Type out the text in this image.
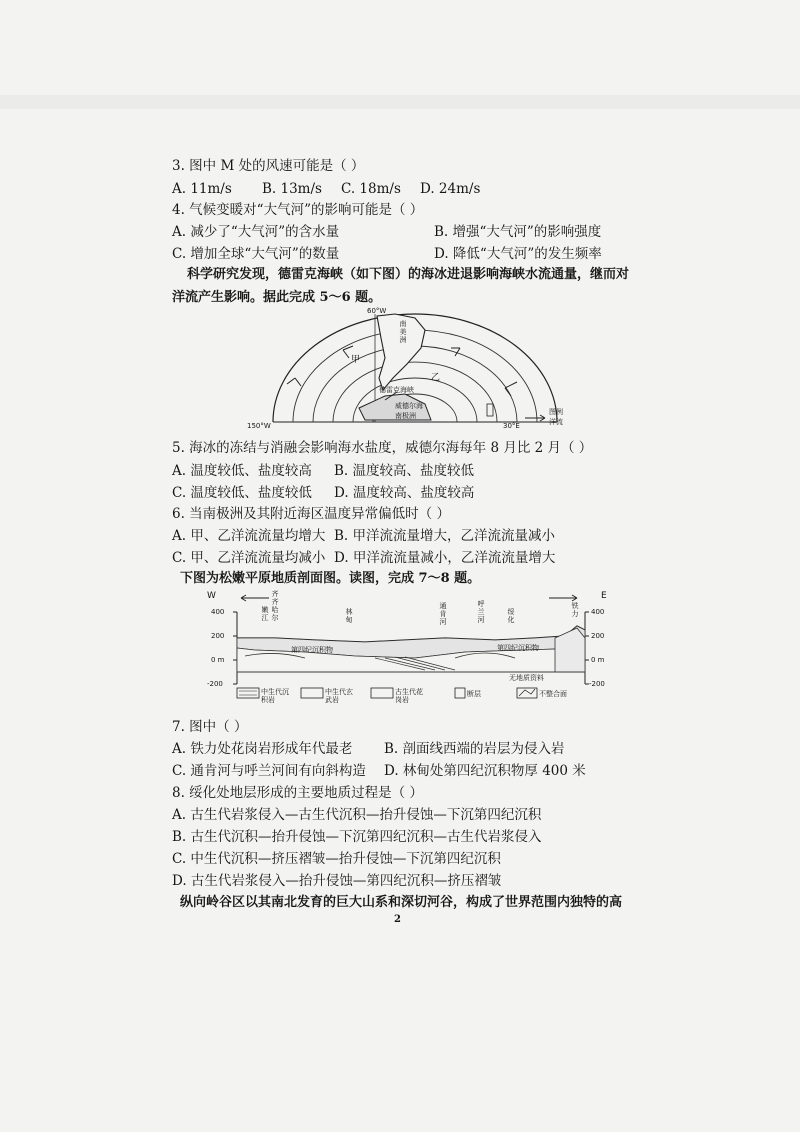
3. 图中 M 处的风速可能是（ ）
A. 11m/s B. 13m/s C. 18m/s D. 24m/s
4. 气候变暖对“大气河”的影响可能是（ ）
A. 减少了“大气河”的含水量	B. 增强“大气河”的影响强度
C. 增加全球“大气河”的数量	D. 降低“大气河”的发生频率
科学研究发现，德雷克海峡（如下图）的海冰进退影响海峡水流通量，继而对
洋流产生影响。据此完成 5～6 题。
60°W
150°W	30°E
南美洲
甲
乙
德雷克海峡
威德尔海
南极洲	图例
洋流
5. 海冰的冻结与消融会影响海水盐度，威德尔海每年 8 月比 2 月（ ）
A. 温度较低、盐度较高 B. 温度较高、盐度较低
C. 温度较低、盐度较低 D. 温度较高、盐度较高
6. 当南极洲及其附近海区温度异常偏低时（ ）
A. 甲、乙洋流流量均增大 B. 甲洋流流量增大，乙洋流流量减小
C. 甲、乙洋流流量均减小 D. 甲洋流流量减小，乙洋流流量增大
下图为松嫩平原地质剖面图。读图，完成 7～8 题。
W	E
400
200
0 m
-200
400
200
0 m
-200
齐齐哈尔
嫩江
林甸
通肯河
呼兰河
绥化
铁力
第四纪沉积物	第四纪沉积物
无地质资料
中生代沉积岩
中生代玄武岩
古生代花岗岩
断层	不整合面
7. 图中（ ）
A. 铁力处花岗岩形成年代最老 B. 剖面线西端的岩层为侵入岩
C. 通肯河与呼兰河间有向斜构造 D. 林甸处第四纪沉积物厚 400 米
8. 绥化处地层形成的主要地质过程是（ ）
A. 古生代岩浆侵入—古生代沉积—抬升侵蚀—下沉第四纪沉积
B. 古生代沉积—抬升侵蚀—下沉第四纪沉积—古生代岩浆侵入
C. 中生代沉积—挤压褶皱—抬升侵蚀—下沉第四纪沉积
D. 古生代岩浆侵入—抬升侵蚀—第四纪沉积—挤压褶皱
纵向岭谷区以其南北发育的巨大山系和深切河谷，构成了世界范围内独特的高
2
